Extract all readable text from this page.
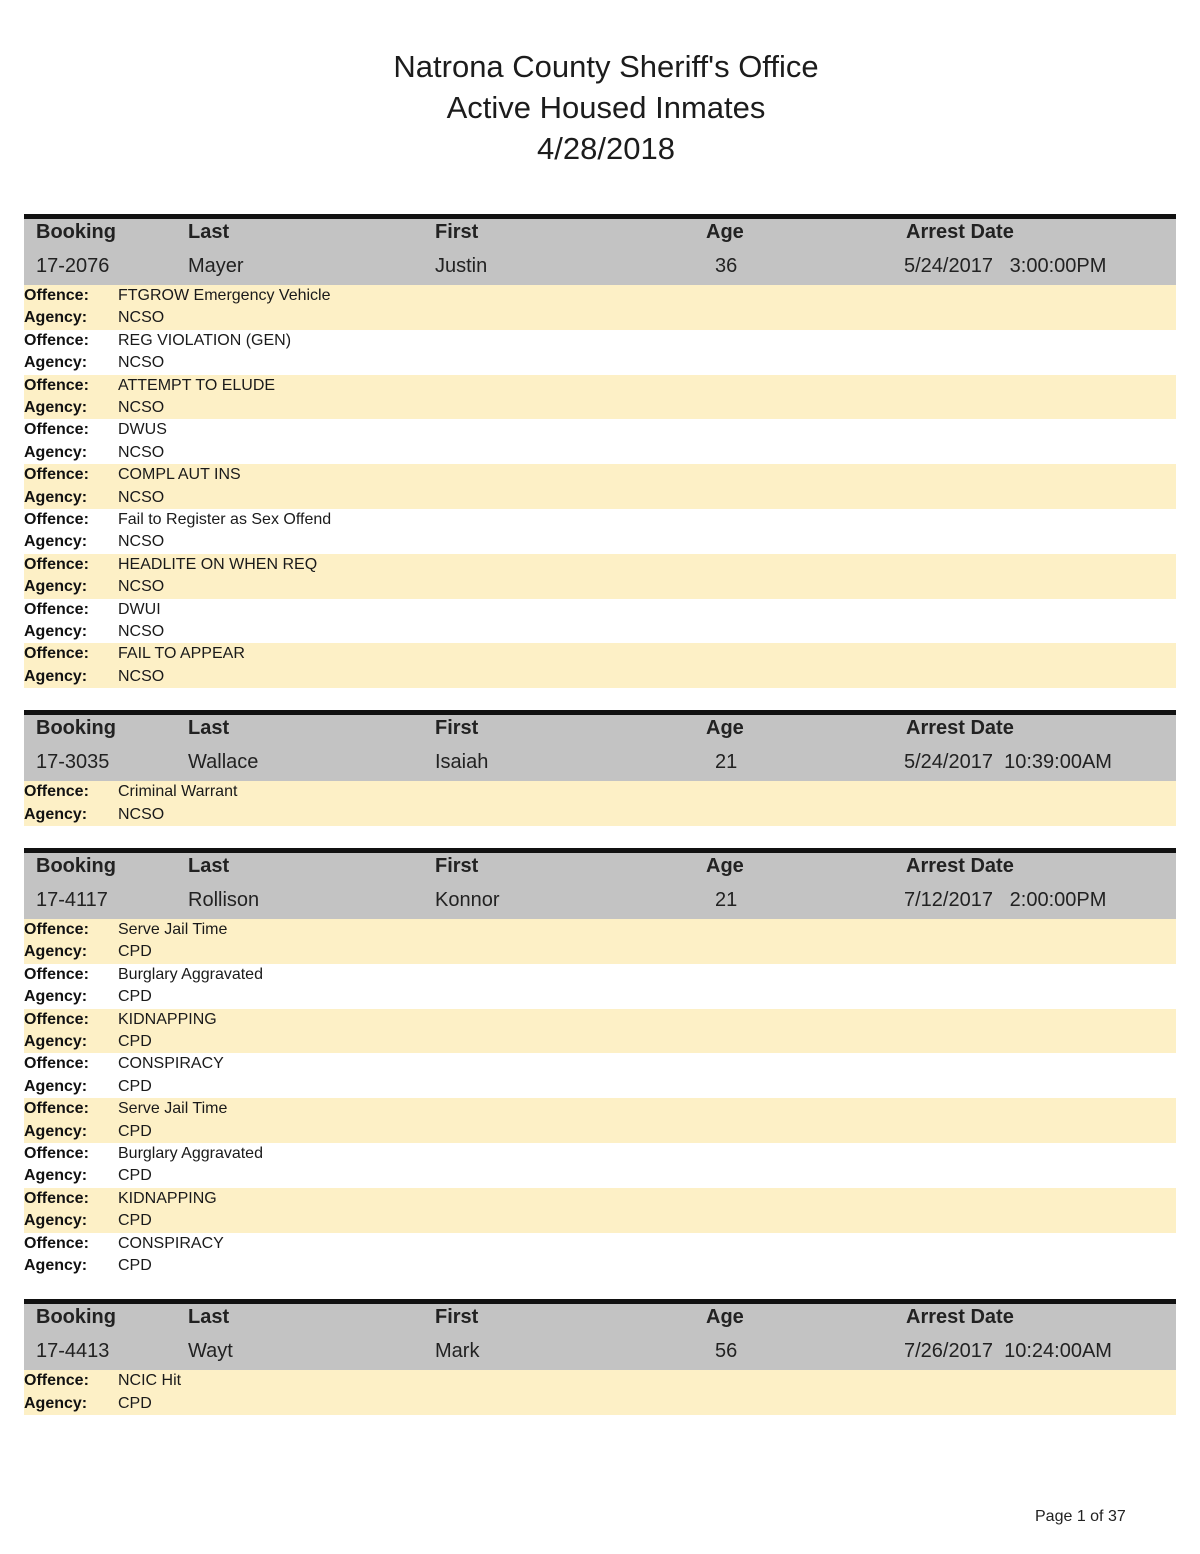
Natrona County Sheriff's Office
Active Housed Inmates
4/28/2018
Booking	Last	First	Age	Arrest Date
17-2076	Mayer	Justin	36	5/24/2017   3:00:00PM
Offence: FTGROW Emergency Vehicle
Agency: NCSO
Offence: REG VIOLATION (GEN)
Agency: NCSO
Offence: ATTEMPT TO ELUDE
Agency: NCSO
Offence: DWUS
Agency: NCSO
Offence: COMPL AUT INS
Agency: NCSO
Offence: Fail to Register as Sex Offend
Agency: NCSO
Offence: HEADLITE ON WHEN REQ
Agency: NCSO
Offence: DWUI
Agency: NCSO
Offence: FAIL TO APPEAR
Agency: NCSO
Booking	Last	First	Age	Arrest Date
17-3035	Wallace	Isaiah	21	5/24/2017  10:39:00AM
Offence: Criminal Warrant
Agency: NCSO
Booking	Last	First	Age	Arrest Date
17-4117	Rollison	Konnor	21	7/12/2017   2:00:00PM
Offence: Serve Jail Time
Agency: CPD
Offence: Burglary Aggravated
Agency: CPD
Offence: KIDNAPPING
Agency: CPD
Offence: CONSPIRACY
Agency: CPD
Offence: Serve Jail Time
Agency: CPD
Offence: Burglary Aggravated
Agency: CPD
Offence: KIDNAPPING
Agency: CPD
Offence: CONSPIRACY
Agency: CPD
Booking	Last	First	Age	Arrest Date
17-4413	Wayt	Mark	56	7/26/2017  10:24:00AM
Offence: NCIC Hit
Agency: CPD
Page 1 of 37
